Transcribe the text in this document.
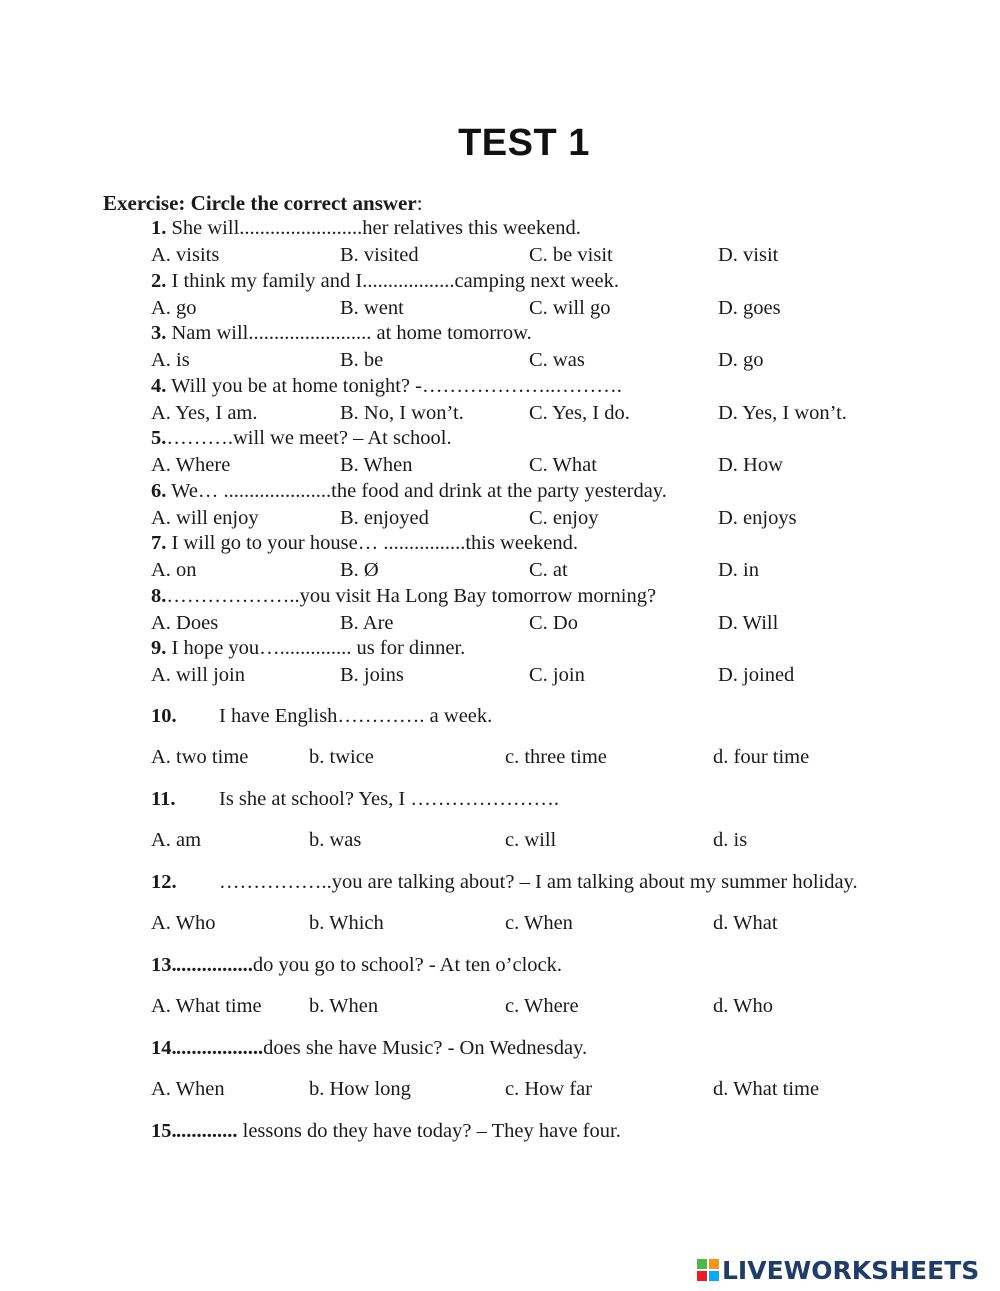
TEST 1
Exercise: Circle the correct answer:
1. She will........................her relatives this weekend.
A. visits	B. visited	C. be visit	D. visit
2. I think my family and I..................camping next week.
A. go	B. went	C. will go	D. goes
3. Nam will........................ at home tomorrow.
A. is	B. be	C. was	D. go
4. Will you be at home tonight? -………………..……….
A. Yes, I am.	B. No, I won’t.	C. Yes, I do.	D. Yes, I won’t.
5.……….will we meet? – At school.
A. Where	B. When	C. What	D. How
6. We… .....................the food and drink at the party yesterday.
A. will enjoy	B. enjoyed	C. enjoy	D. enjoys
7. I will go to your house… ................this weekend.
A. on	B. Ø	C. at	D. in
8.………………..you visit Ha Long Bay tomorrow morning?
A. Does	B. Are	C. Do	D. Will
9. I hope you….............. us for dinner.
A. will join	B. joins	C. join	D. joined
10. I have English…………. a week.
A. two time	b. twice	c. three time	d. four time
11. Is she at school? Yes, I ………………….
A. am	b. was	c. will	d. is
12. ……………..you are talking about? – I am talking about my summer holiday.
A. Who	b. Which	c. When	d. What
13. ...............do you go to school? - At ten o’clock.
A. What time b. When	c. Where	d. Who
14. .................does she have Music? - On Wednesday.
A. When	b. How long	c. How far	d. What time
15. ............ lessons do they have today? – They have four.
LIVEWORKSHEETS
